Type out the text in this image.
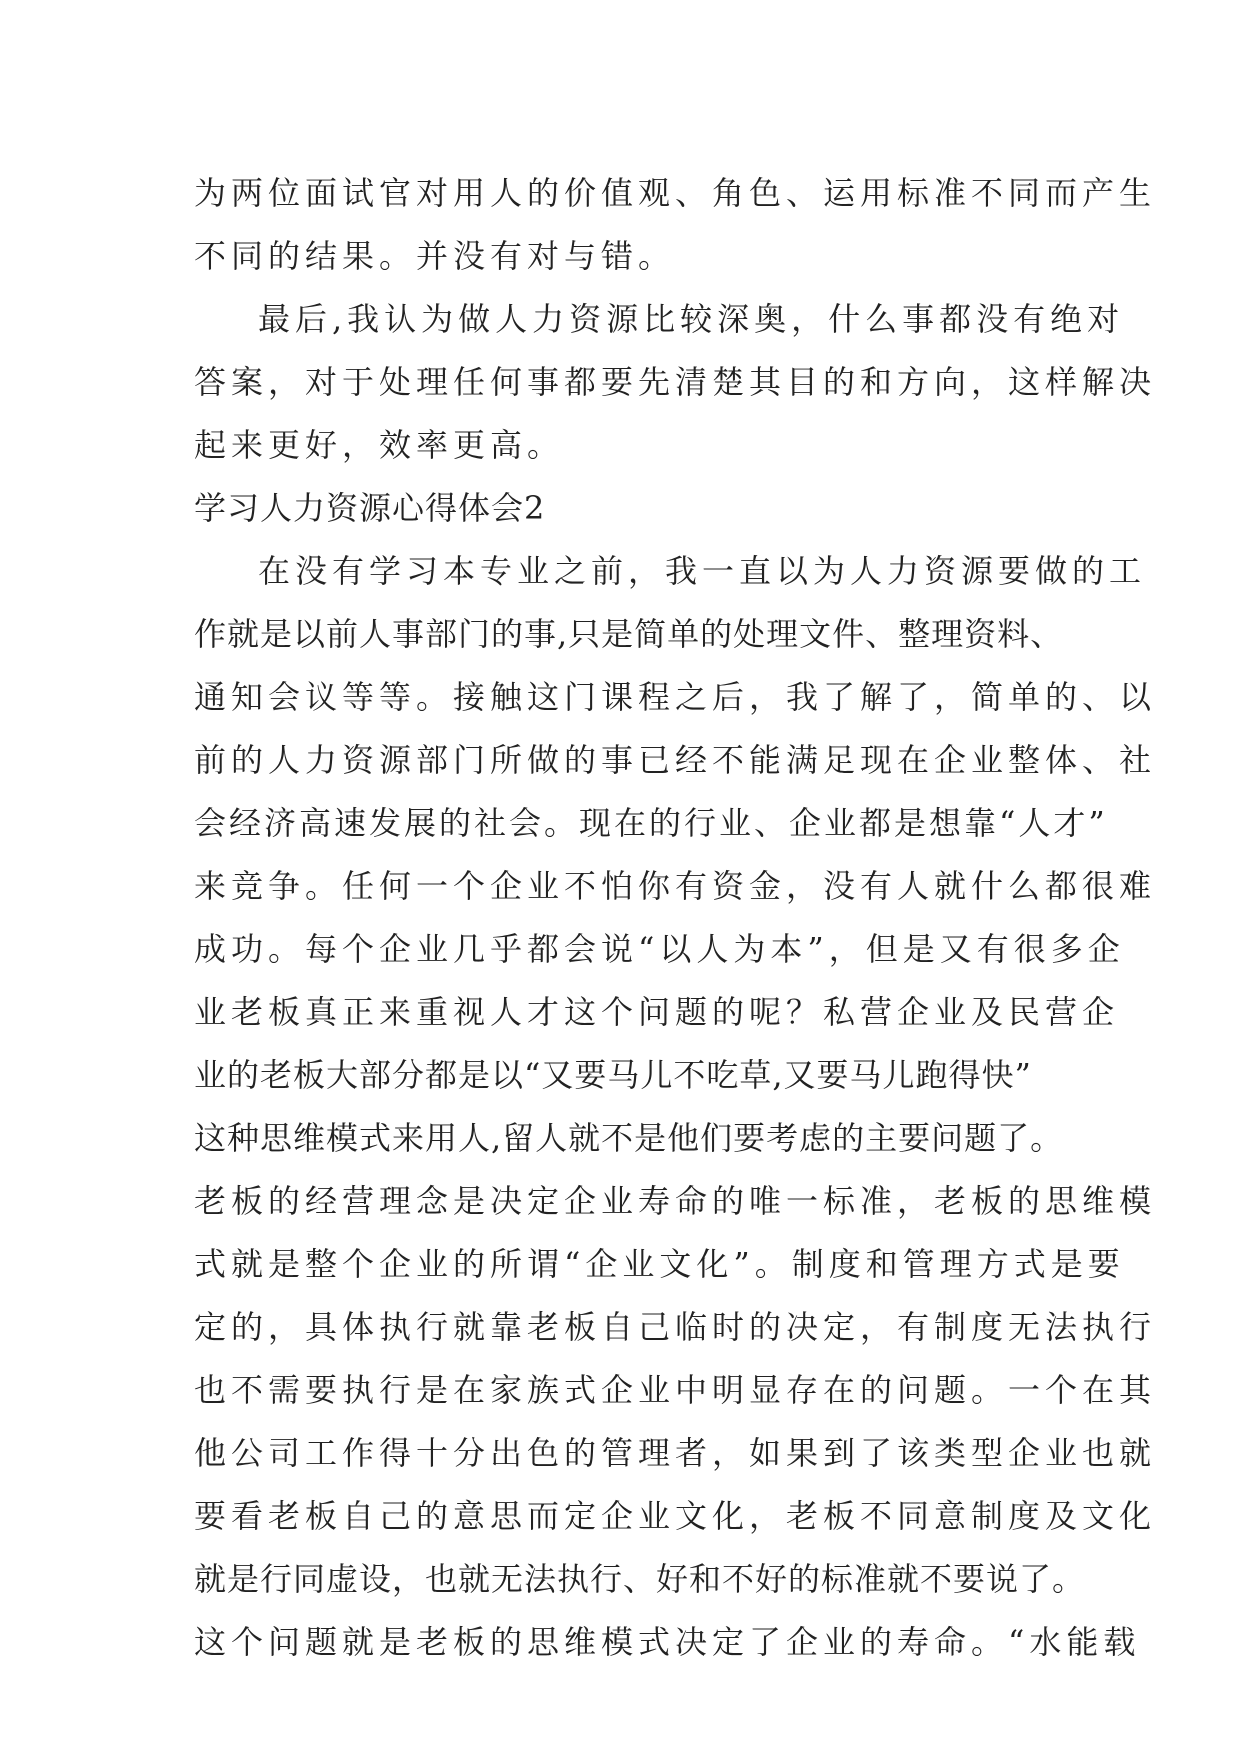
为两位面试官对用人的价值观、角色、运用标准不同而产生
不同的结果。并没有对与错。
最后,我认为做人力资源比较深奥，什么事都没有绝对
答案，对于处理任何事都要先清楚其目的和方向，这样解决
起来更好，效率更高。
学习人力资源心得体会2
在没有学习本专业之前，我一直以为人力资源要做的工
作就是以前人事部门的事,只是简单的处理文件、整理资料、
通知会议等等。接触这门课程之后，我了解了，简单的、以
前的人力资源部门所做的事已经不能满足现在企业整体、社
会经济高速发展的社会。现在的行业、企业都是想靠“人才”
来竞争。任何一个企业不怕你有资金，没有人就什么都很难
成功。每个企业几乎都会说“以人为本”，但是又有很多企
业老板真正来重视人才这个问题的呢？私营企业及民营企
业的老板大部分都是以“又要马儿不吃草,又要马儿跑得快”
这种思维模式来用人,留人就不是他们要考虑的主要问题了。
老板的经营理念是决定企业寿命的唯一标准，老板的思维模
式就是整个企业的所谓“企业文化”。制度和管理方式是要
定的，具体执行就靠老板自己临时的决定，有制度无法执行
也不需要执行是在家族式企业中明显存在的问题。一个在其
他公司工作得十分出色的管理者，如果到了该类型企业也就
要看老板自己的意思而定企业文化，老板不同意制度及文化
就是行同虚设，也就无法执行、好和不好的标准就不要说了。
这个问题就是老板的思维模式决定了企业的寿命。“水能载
